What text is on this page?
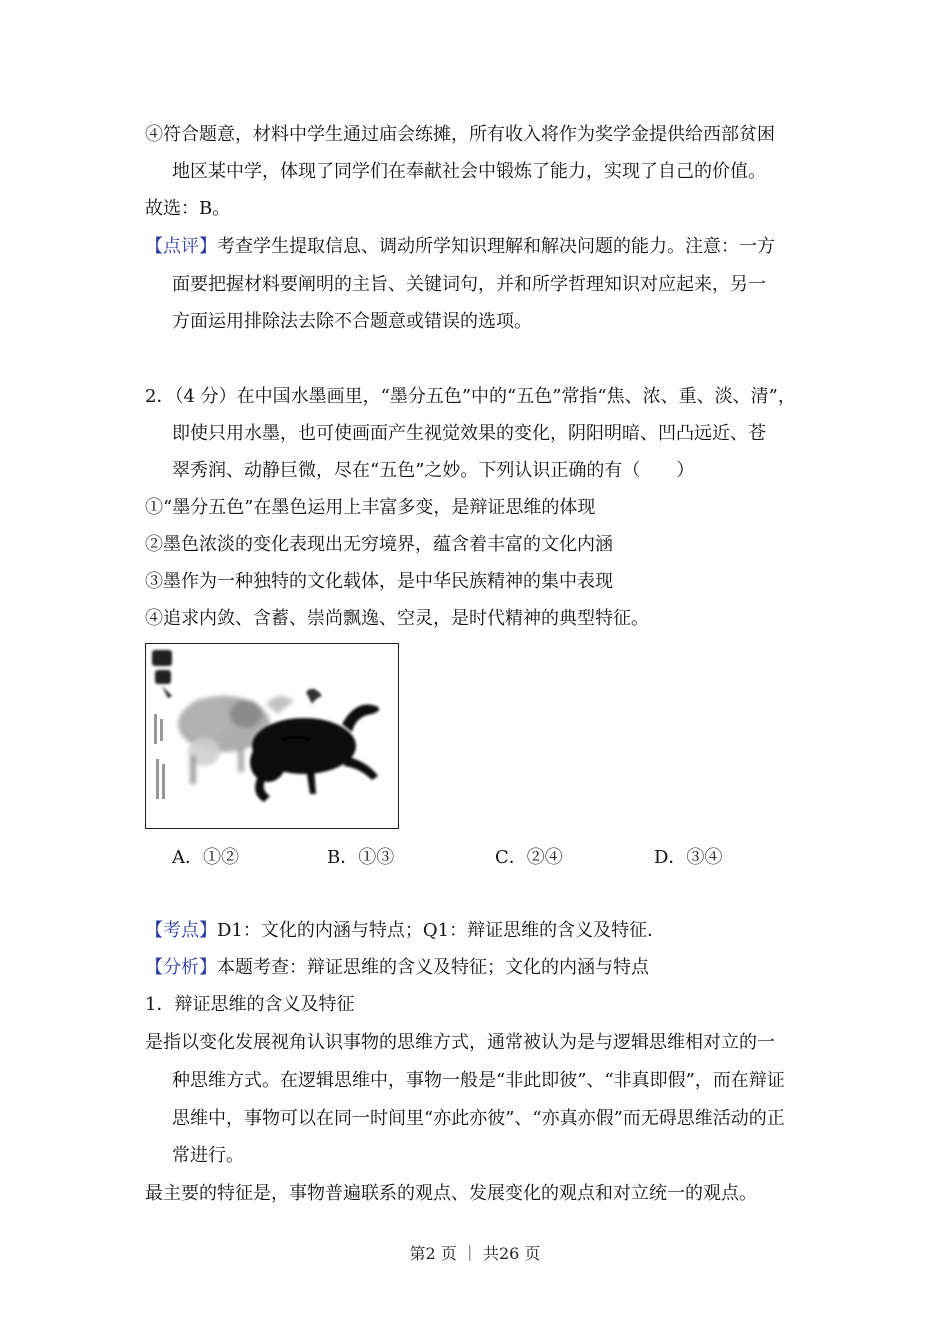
④符合题意，材料中学生通过庙会练摊，所有收入将作为奖学金提供给西部贫困
地区某中学，体现了同学们在奉献社会中锻炼了能力，实现了自己的价值。
故选：B。
【点评】考查学生提取信息、调动所学知识理解和解决问题的能力。注意：一方
面要把握材料要阐明的主旨、关键词句，并和所学哲理知识对应起来，另一
方面运用排除法去除不合题意或错误的选项。
2．（4 分）在中国水墨画里，“墨分五色”中的“五色”常指“焦、浓、重、淡、清”，
即使只用水墨，也可使画面产生视觉效果的变化，阴阳明暗、凹凸远近、苍
翠秀润、动静巨微，尽在“五色”之妙。下列认识正确的有（　　）
①“墨分五色”在墨色运用上丰富多变，是辩证思维的体现
②墨色浓淡的变化表现出无穷境界，蕴含着丰富的文化内涵
③墨作为一种独特的文化载体，是中华民族精神的集中表现
④追求内敛、含蓄、崇尚飘逸、空灵，是时代精神的典型特征。
A．①②	B．①③	C．②④	D．③④
【考点】D1：文化的内涵与特点；Q1：辩证思维的含义及特征．
【分析】本题考查：辩证思维的含义及特征；文化的内涵与特点
1．辩证思维的含义及特征
是指以变化发展视角认识事物的思维方式，通常被认为是与逻辑思维相对立的一
种思维方式。在逻辑思维中，事物一般是“非此即彼”、“非真即假”，而在辩证
思维中，事物可以在同一时间里“亦此亦彼”、“亦真亦假”而无碍思维活动的正
常进行。
最主要的特征是，事物普遍联系的观点、发展变化的观点和对立统一的观点。
第2 页 ｜ 共26 页
